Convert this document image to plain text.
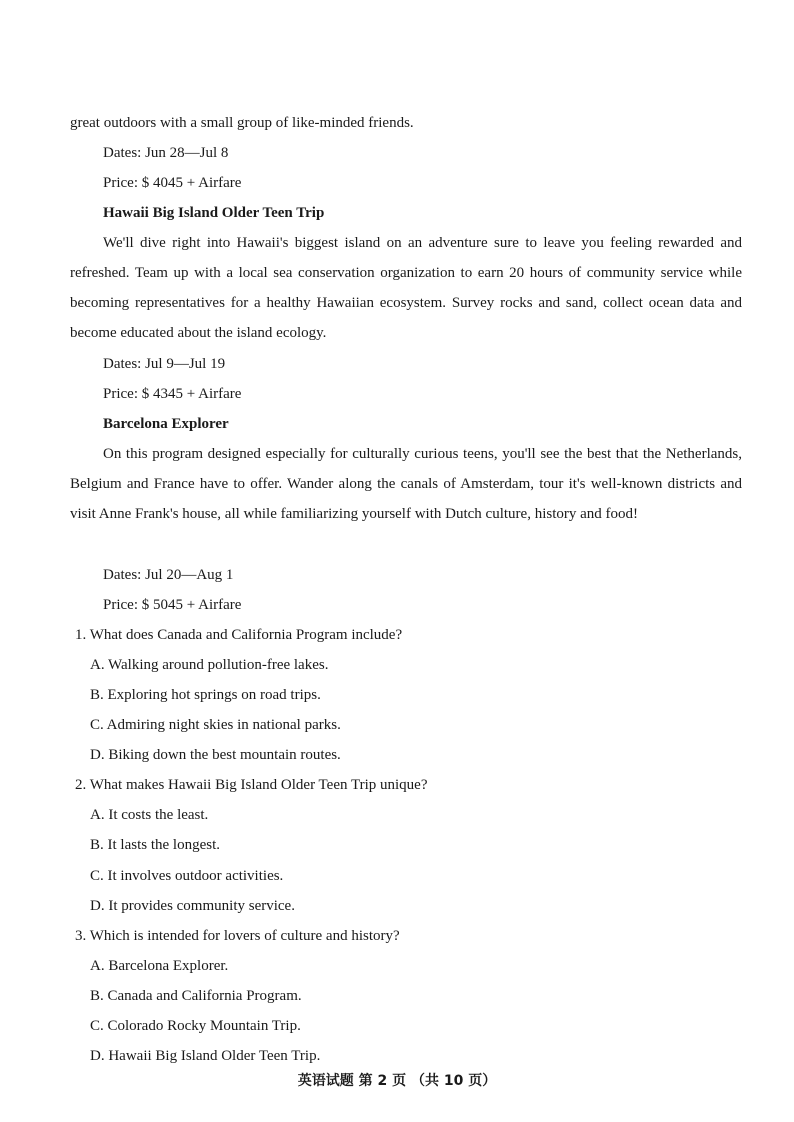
great outdoors with a small group of like-minded friends.
Dates: Jun 28—Jul 8
Price: $ 4045 + Airfare
Hawaii Big Island Older Teen Trip
We'll dive right into Hawaii's biggest island on an adventure sure to leave you feeling rewarded and refreshed. Team up with a local sea conservation organization to earn 20 hours of community service while becoming representatives for a healthy Hawaiian ecosystem. Survey rocks and sand, collect ocean data and become educated about the island ecology.
Dates: Jul 9—Jul 19
Price: $ 4345 + Airfare
Barcelona Explorer
On this program designed especially for culturally curious teens, you'll see the best that the Netherlands, Belgium and France have to offer. Wander along the canals of Amsterdam, tour it's well-known districts and visit Anne Frank's house, all while familiarizing yourself with Dutch culture, history and food!
Dates: Jul 20—Aug 1
Price: $ 5045 + Airfare
1. What does Canada and California Program include?
A. Walking around pollution-free lakes.
B. Exploring hot springs on road trips.
C. Admiring night skies in national parks.
D. Biking down the best mountain routes.
2. What makes Hawaii Big Island Older Teen Trip unique?
A. It costs the least.
B. It lasts the longest.
C. It involves outdoor activities.
D. It provides community service.
3. Which is intended for lovers of culture and history?
A. Barcelona Explorer.
B. Canada and California Program.
C. Colorado Rocky Mountain Trip.
D. Hawaii Big Island Older Teen Trip.
英语试题 第 2 页 （共 10 页）
